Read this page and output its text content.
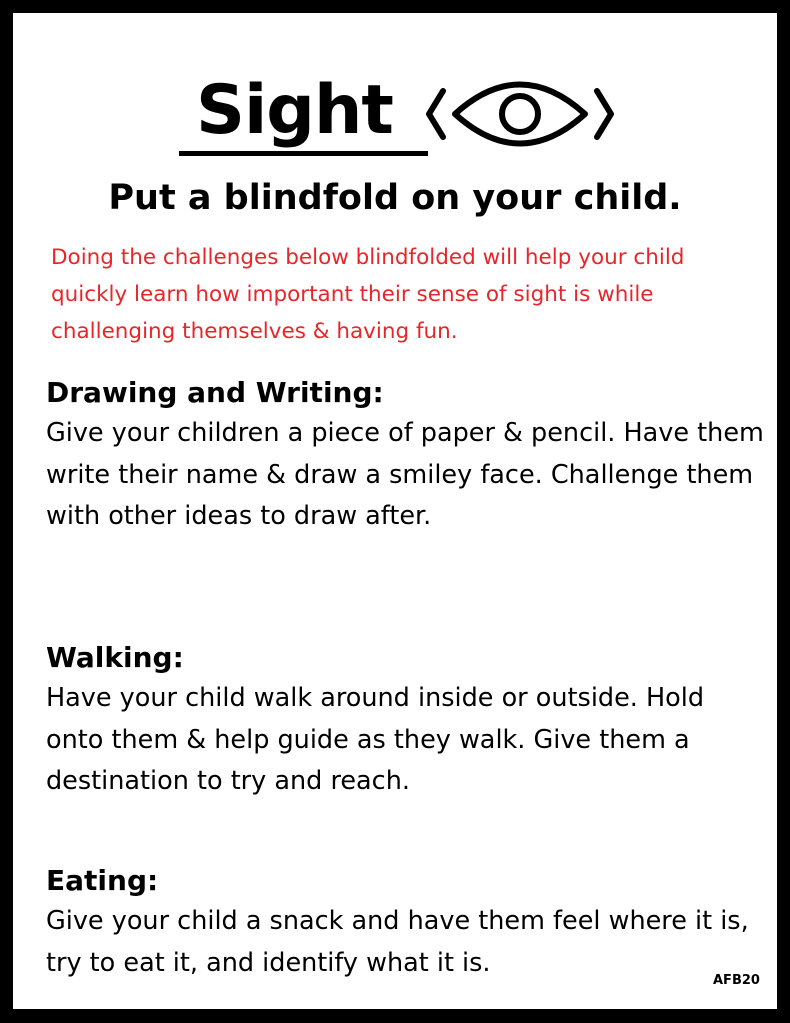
Sight
Put a blindfold on your child.
Doing the challenges below blindfolded will help your child quickly learn how important their sense of sight is while challenging themselves & having fun.
Drawing and Writing:

Give your children a piece of paper & pencil. Have them write their name & draw a smiley face. Challenge them with other ideas to draw after.

Walking:

Have your child walk around inside or outside. Hold onto them & help guide as they walk. Give them a destination to try and reach.

Eating:

Give your child a snack and have them feel where it is, try to eat it, and identify what it is.

AFB20
